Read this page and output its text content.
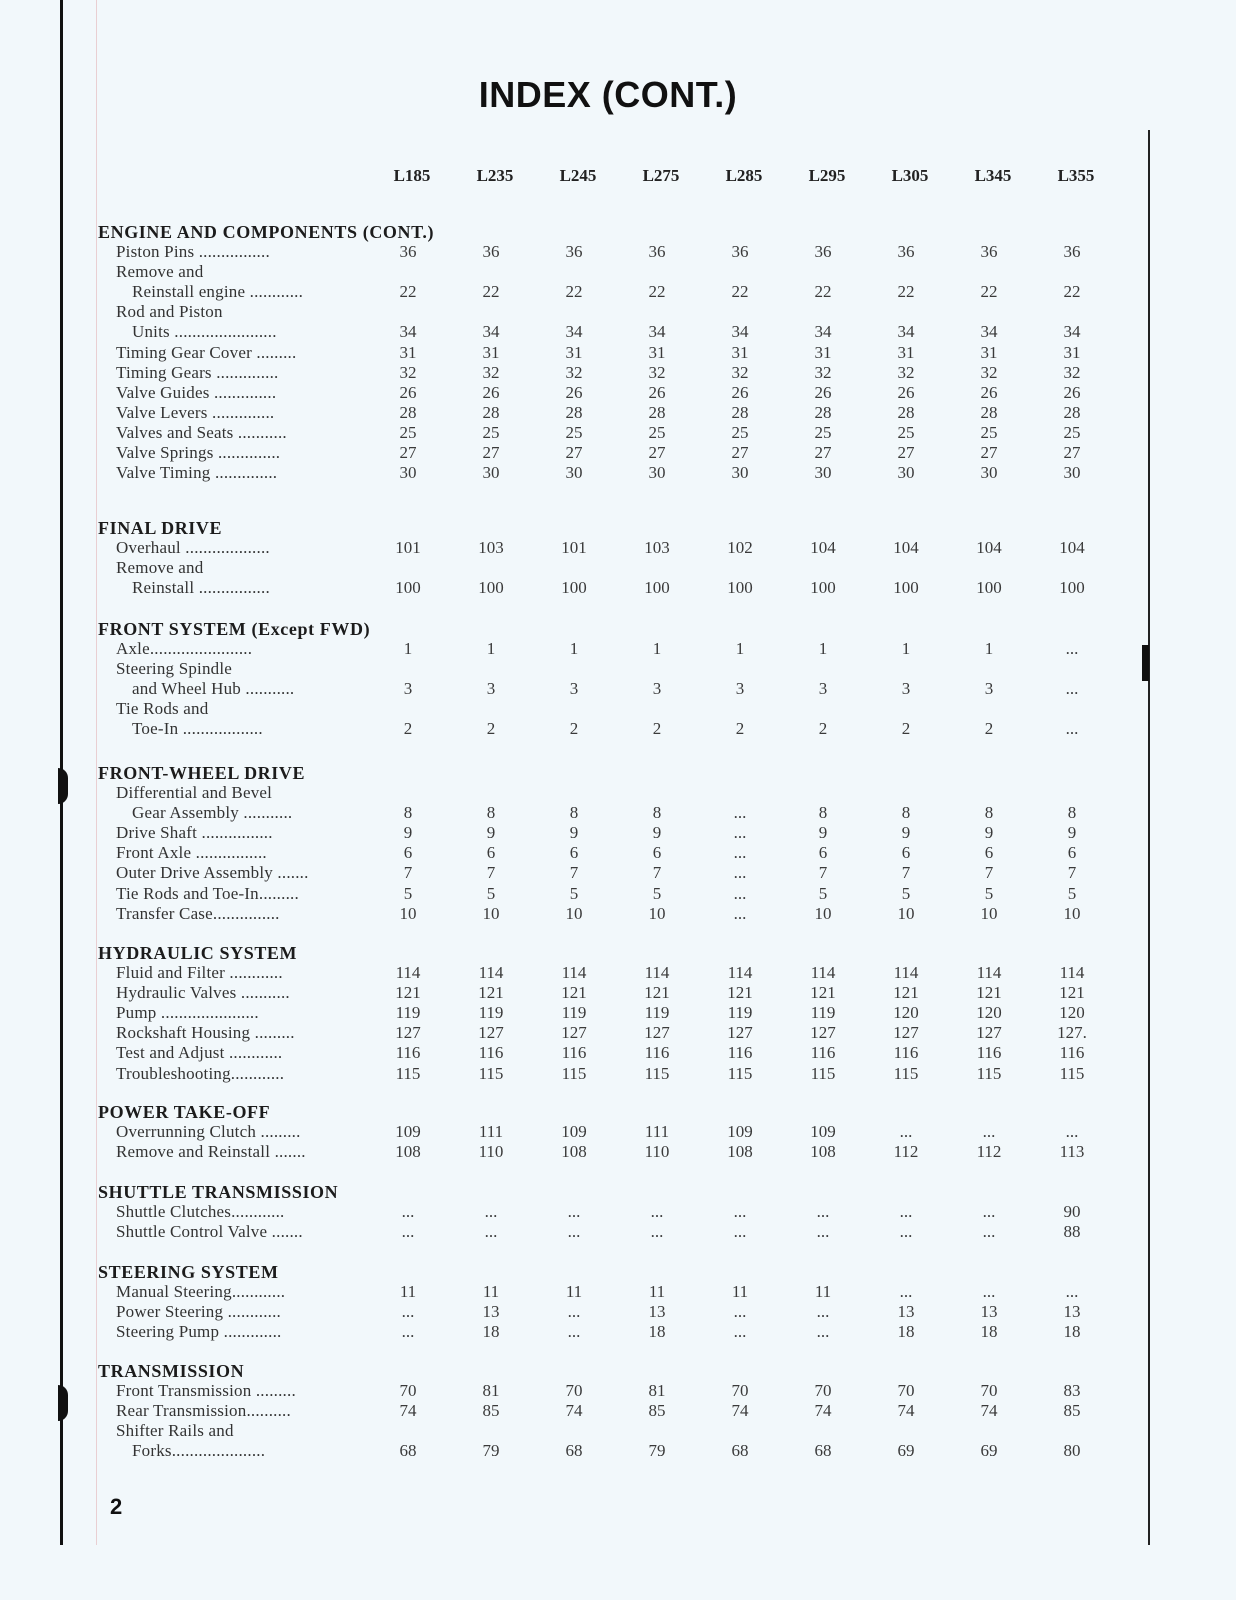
INDEX (CONT.)
L185	L235	L245	L275	L285	L295	L305	L345	L355
ENGINE AND COMPONENTS (CONT.)
Piston Pins ................	36	36	36	36	36	36	36	36	36
Remove and
Reinstall engine ............	22	22	22	22	22	22	22	22	22
Rod and Piston
Units .......................	34	34	34	34	34	34	34	34	34
Timing Gear Cover .........	31	31	31	31	31	31	31	31	31
Timing Gears ..............	32	32	32	32	32	32	32	32	32
Valve Guides ..............	26	26	26	26	26	26	26	26	26
Valve Levers ..............	28	28	28	28	28	28	28	28	28
Valves and Seats ...........	25	25	25	25	25	25	25	25	25
Valve Springs ..............	27	27	27	27	27	27	27	27	27
Valve Timing ..............	30	30	30	30	30	30	30	30	30
FINAL DRIVE
Overhaul ...................	101	103	101	103	102	104	104	104	104
Remove and
Reinstall ................	100	100	100	100	100	100	100	100	100
FRONT SYSTEM (Except FWD)
Axle.......................	1	1	1	1	1	1	1	1	...
Steering Spindle
and Wheel Hub ...........	3	3	3	3	3	3	3	3	...
Tie Rods and
Toe-In ..................	2	2	2	2	2	2	2	2	...
FRONT-WHEEL DRIVE
Differential and Bevel
Gear Assembly ...........	8	8	8	8	...	8	8	8	8
Drive Shaft ................	9	9	9	9	...	9	9	9	9
Front Axle ................	6	6	6	6	...	6	6	6	6
Outer Drive Assembly .......	7	7	7	7	...	7	7	7	7
Tie Rods and Toe-In.........	5	5	5	5	...	5	5	5	5
Transfer Case...............	10	10	10	10	...	10	10	10	10
HYDRAULIC SYSTEM
Fluid and Filter ............	114	114	114	114	114	114	114	114	114
Hydraulic Valves ...........	121	121	121	121	121	121	121	121	121
Pump ......................	119	119	119	119	119	119	120	120	120
Rockshaft Housing .........	127	127	127	127	127	127	127	127	127.
Test and Adjust ............	116	116	116	116	116	116	116	116	116
Troubleshooting............	115	115	115	115	115	115	115	115	115
POWER TAKE-OFF
Overrunning Clutch .........	109	111	109	111	109	109	...	...	...
Remove and Reinstall .......	108	110	108	110	108	108	112	112	113
SHUTTLE TRANSMISSION
Shuttle Clutches............	...	...	...	...	...	...	...	...	90
Shuttle Control Valve .......	...	...	...	...	...	...	...	...	88
STEERING SYSTEM
Manual Steering............	11	11	11	11	11	11	...	...	...
Power Steering ............	...	13	...	13	...	...	13	13	13
Steering Pump .............	...	18	...	18	...	...	18	18	18
TRANSMISSION
Front Transmission .........	70	81	70	81	70	70	70	70	83
Rear Transmission..........	74	85	74	85	74	74	74	74	85
Shifter Rails and
Forks.....................	68	79	68	79	68	68	69	69	80
2
